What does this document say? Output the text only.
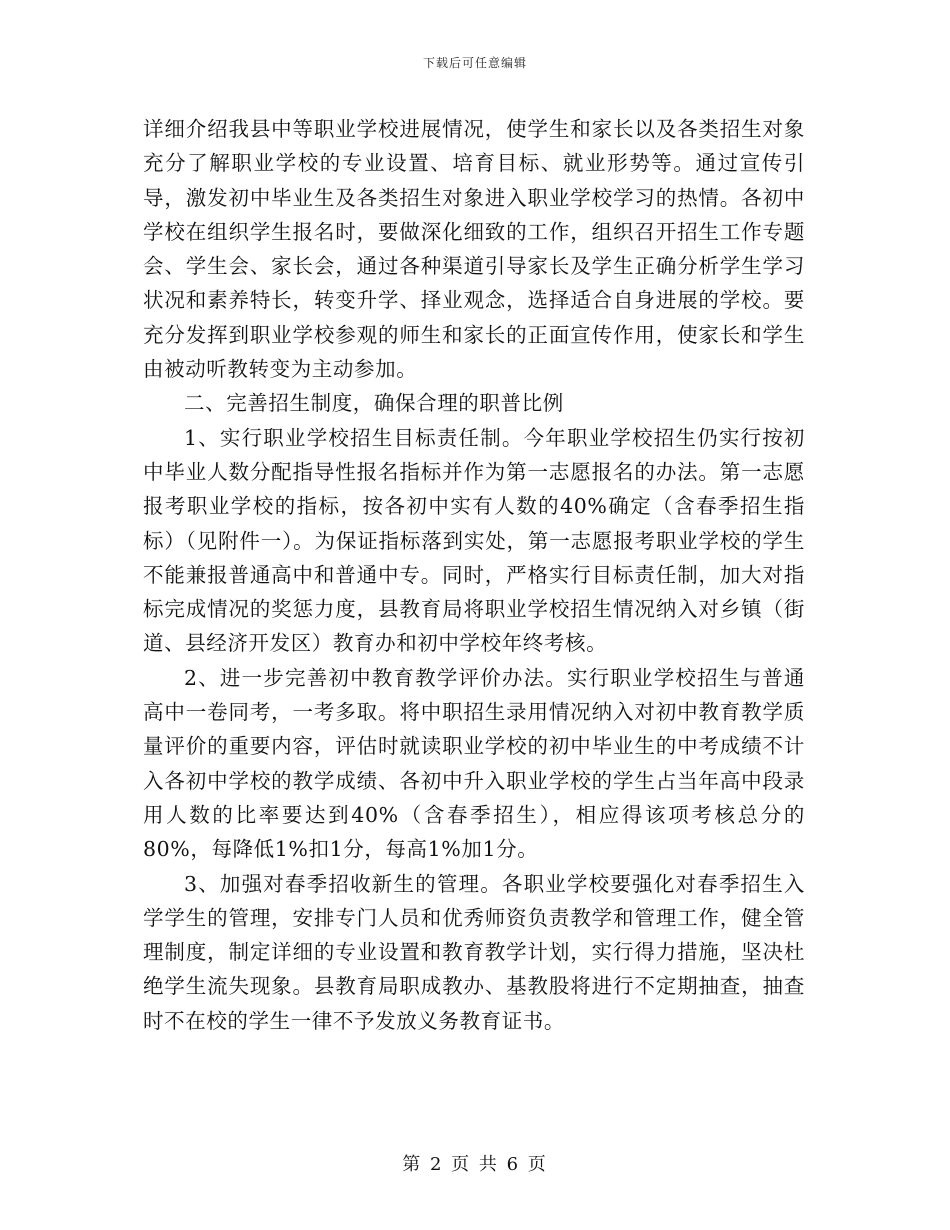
下载后可任意编辑

详细介绍我县中等职业学校进展情况，使学生和家长以及各类招生对象充分了解职业学校的专业设置、培育目标、就业形势等。通过宣传引导，激发初中毕业生及各类招生对象进入职业学校学习的热情。各初中学校在组织学生报名时，要做深化细致的工作，组织召开招生工作专题会、学生会、家长会，通过各种渠道引导家长及学生正确分析学生学习状况和素养特长，转变升学、择业观念，选择适合自身进展的学校。要充分发挥到职业学校参观的师生和家长的正面宣传作用，使家长和学生由被动听教转变为主动参加。

二、完善招生制度，确保合理的职普比例

1、实行职业学校招生目标责任制。今年职业学校招生仍实行按初中毕业人数分配指导性报名指标并作为第一志愿报名的办法。第一志愿报考职业学校的指标，按各初中实有人数的40%确定（含春季招生指标）（见附件一）。为保证指标落到实处，第一志愿报考职业学校的学生不能兼报普通高中和普通中专。同时，严格实行目标责任制，加大对指标完成情况的奖惩力度，县教育局将职业学校招生情况纳入对乡镇（街道、县经济开发区）教育办和初中学校年终考核。

2、进一步完善初中教育教学评价办法。实行职业学校招生与普通高中一卷同考，一考多取。将中职招生录用情况纳入对初中教育教学质量评价的重要内容，评估时就读职业学校的初中毕业生的中考成绩不计入各初中学校的教学成绩、各初中升入职业学校的学生占当年高中段录用人数的比率要达到40%（含春季招生），相应得该项考核总分的80%，每降低1%扣1分，每高1%加1分。

3、加强对春季招收新生的管理。各职业学校要强化对春季招生入学学生的管理，安排专门人员和优秀师资负责教学和管理工作，健全管理制度，制定详细的专业设置和教育教学计划，实行得力措施，坚决杜绝学生流失现象。县教育局职成教办、基教股将进行不定期抽查，抽查时不在校的学生一律不予发放义务教育证书。

第 2 页 共 6 页
